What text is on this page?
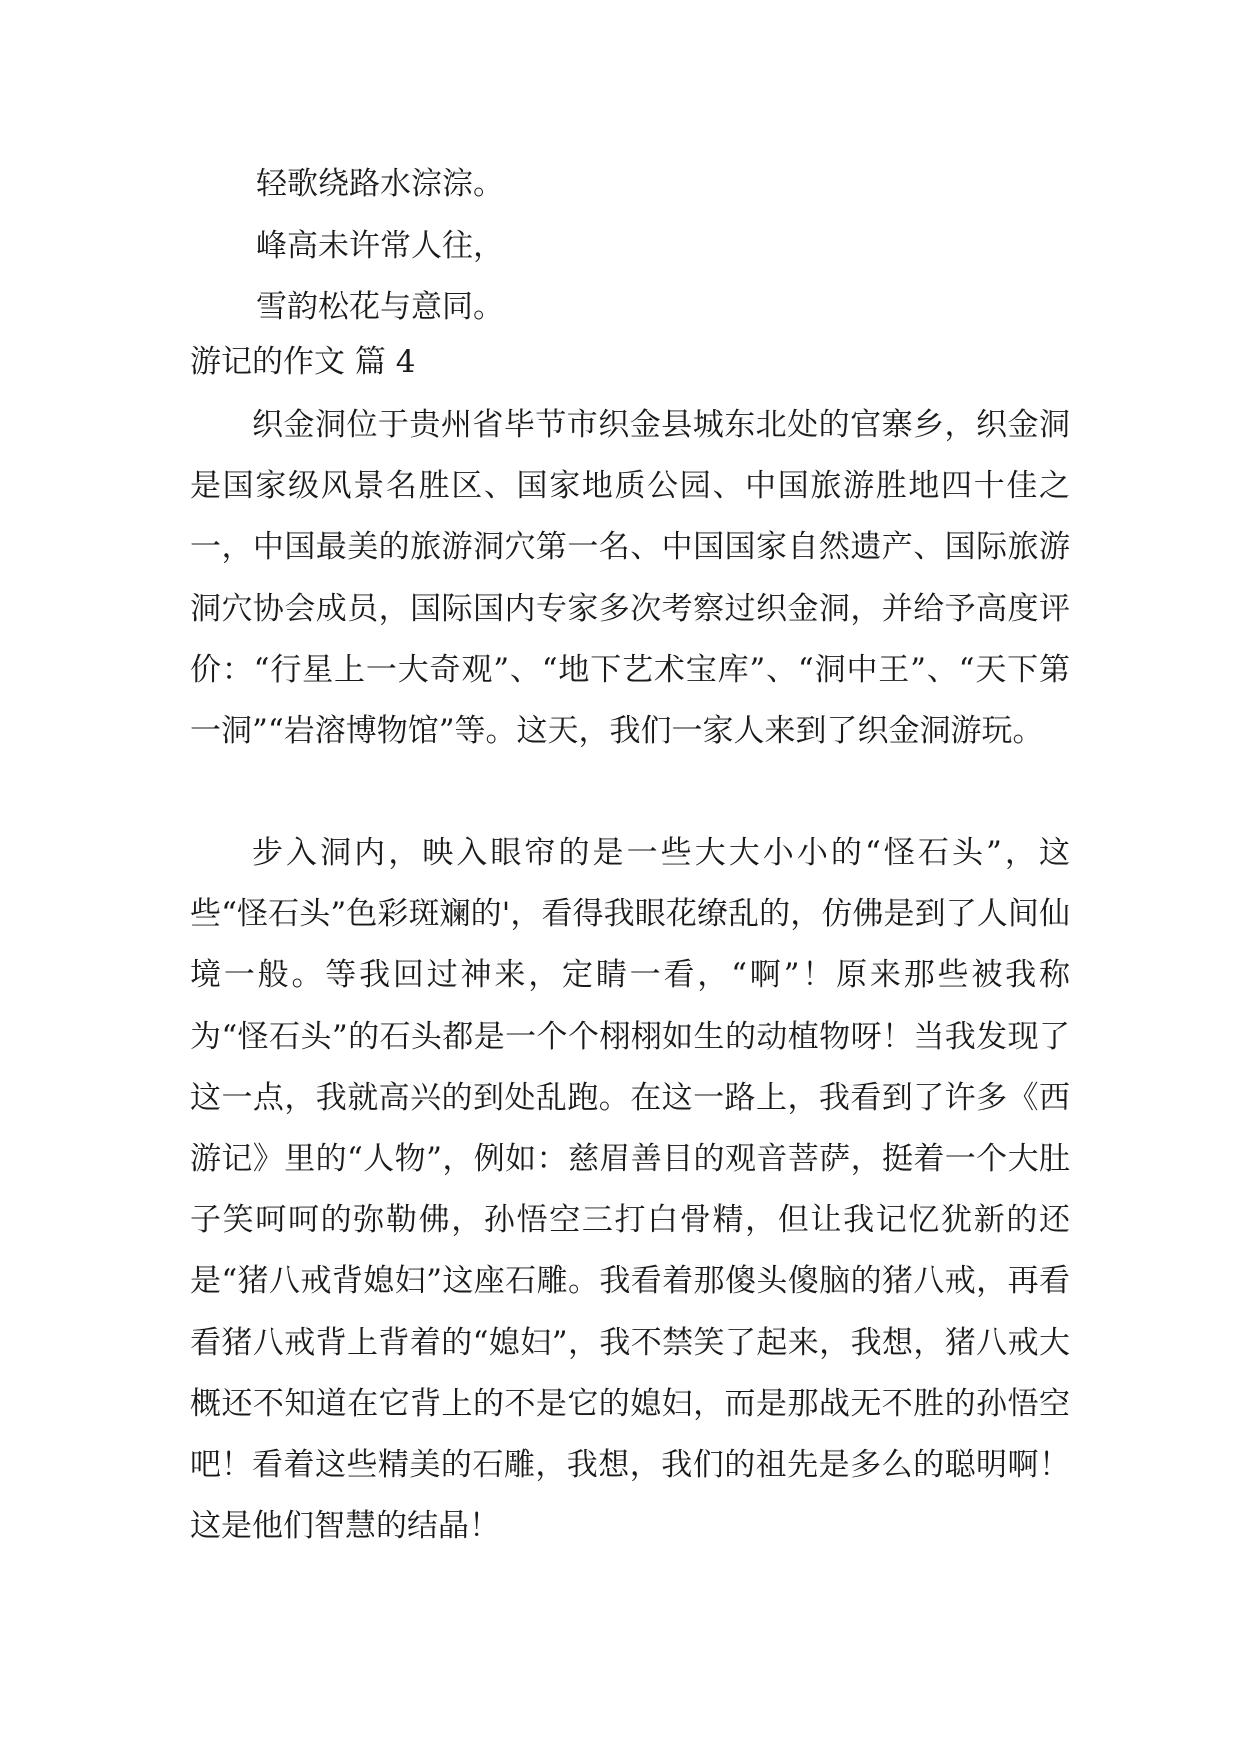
轻歌绕路水淙淙。
峰高未许常人往，
雪韵松花与意同。
游记的作文 篇 4

织金洞位于贵州省毕节市织金县城东北处的官寨乡，织金洞是国家级风景名胜区、国家地质公园、中国旅游胜地四十佳之一，中国最美的旅游洞穴第一名、中国国家自然遗产、国际旅游洞穴协会成员，国际国内专家多次考察过织金洞，并给予高度评价：“行星上一大奇观”、“地下艺术宝库”、“洞中王”、“天下第一洞”“岩溶博物馆”等。这天，我们一家人来到了织金洞游玩。

步入洞内，映入眼帘的是一些大大小小的“怪石头”，这些“怪石头”色彩斑斓的'，看得我眼花缭乱的，仿佛是到了人间仙境一般。等我回过神来，定睛一看，“啊”！原来那些被我称为“怪石头”的石头都是一个个栩栩如生的动植物呀！当我发现了这一点，我就高兴的到处乱跑。在这一路上，我看到了许多《西游记》里的“人物”，例如：慈眉善目的观音菩萨，挺着一个大肚子笑呵呵的弥勒佛，孙悟空三打白骨精，但让我记忆犹新的还是“猪八戒背媳妇”这座石雕。我看着那傻头傻脑的猪八戒，再看看猪八戒背上背着的“媳妇”，我不禁笑了起来，我想，猪八戒大概还不知道在它背上的不是它的媳妇，而是那战无不胜的孙悟空吧！ 看着这些精美的石雕，我想，我们的祖先是多么的聪明啊！这是他们智慧的结晶！
